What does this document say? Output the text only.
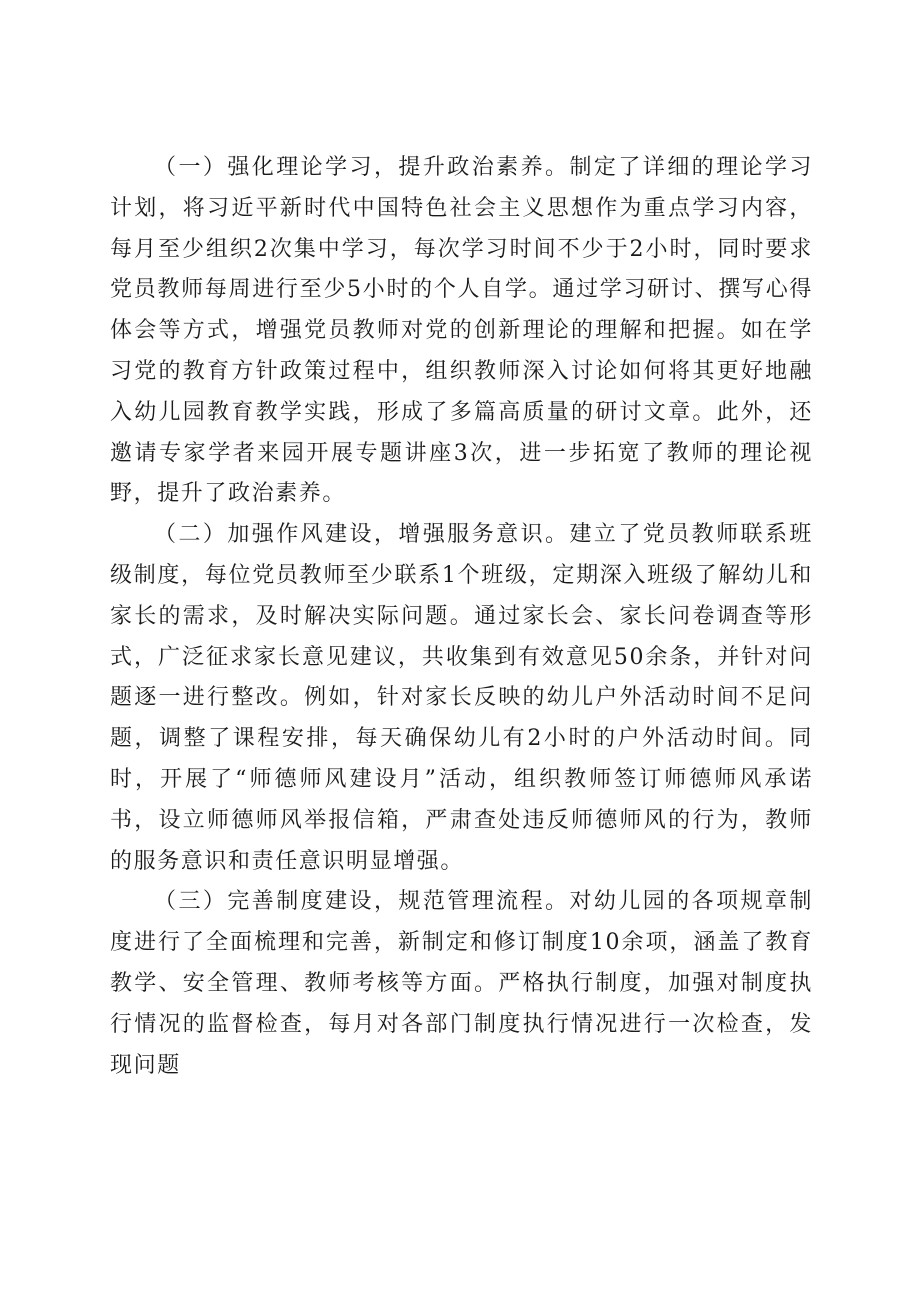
（一）强化理论学习，提升政治素养。制定了详细的理论学习计划，将习近平新时代中国特色社会主义思想作为重点学习内容，每月至少组织2次集中学习，每次学习时间不少于2小时，同时要求党员教师每周进行至少5小时的个人自学。通过学习研讨、撰写心得体会等方式，增强党员教师对党的创新理论的理解和把握。如在学习党的教育方针政策过程中，组织教师深入讨论如何将其更好地融入幼儿园教育教学实践，形成了多篇高质量的研讨文章。此外，还邀请专家学者来园开展专题讲座3次，进一步拓宽了教师的理论视野，提升了政治素养。

（二）加强作风建设，增强服务意识。建立了党员教师联系班级制度，每位党员教师至少联系1个班级，定期深入班级了解幼儿和家长的需求，及时解决实际问题。通过家长会、家长问卷调查等形式，广泛征求家长意见建议，共收集到有效意见50余条，并针对问题逐一进行整改。例如，针对家长反映的幼儿户外活动时间不足问题，调整了课程安排，每天确保幼儿有2小时的户外活动时间。同时，开展了“师德师风建设月”活动，组织教师签订师德师风承诺书，设立师德师风举报信箱，严肃查处违反师德师风的行为，教师的服务意识和责任意识明显增强。

（三）完善制度建设，规范管理流程。对幼儿园的各项规章制度进行了全面梳理和完善，新制定和修订制度10余项，涵盖了教育教学、安全管理、教师考核等方面。严格执行制度，加强对制度执行情况的监督检查，每月对各部门制度执行情况进行一次检查，发现问题
